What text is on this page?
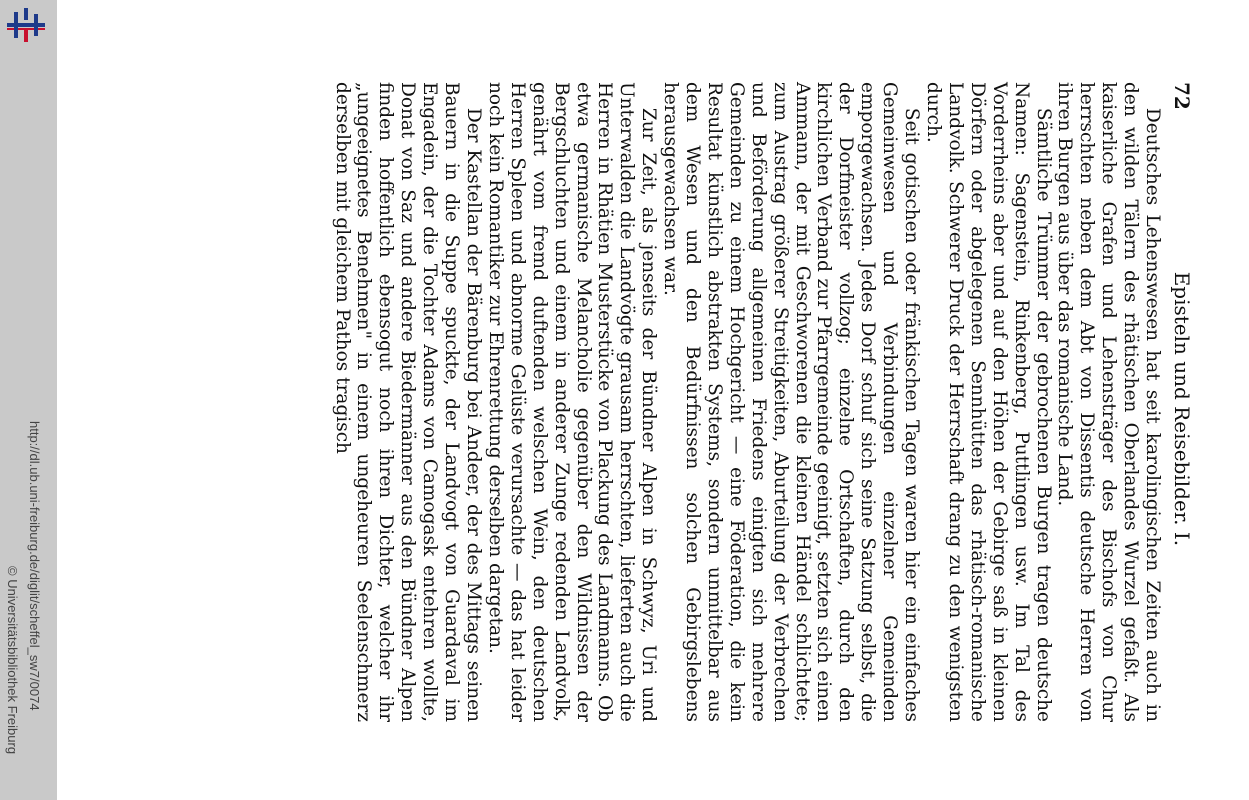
http://dl.ub.uni-freiburg.de/diglit/scheffel_sw7/0074
© Universitätsbibliothek Freiburg
72
Episteln und Reisebilder. I.

Deutsches Lehenswesen hat seit karolingischen Zeiten auch in den wilden Tälern des rhätischen Oberlandes Wurzel gefaßt. Als kaiserliche Grafen und Lehensträger des Bischofs von Chur herrschten neben dem Abt von Dissentis deutsche Herren von ihren Burgen aus über das romanische Land.

Sämtliche Trümmer der gebrochenen Burgen tragen deutsche Namen: Sagenstein, Rinkenberg, Puttlingen usw. Im Tal des Vorderrheins aber und auf den Höhen der Gebirge saß in kleinen Dörfern oder abgelegenen Sennhütten das rhätisch-romanische Landvolk. Schwerer Druck der Herrschaft drang zu den wenigsten durch.

Seit gotischen oder fränkischen Tagen waren hier ein einfaches Gemeinwesen und Verbindungen einzelner Gemeinden emporgewachsen. Jedes Dorf schuf sich seine Satzung selbst, die der Dorfmeister vollzog; einzelne Ortschaften, durch den kirchlichen Verband zur Pfarrgemeinde geeinigt, setzten sich einen Ammann, der mit Geschworenen die kleinen Händel schlichtete; zum Austrag größerer Streitigkeiten, Aburteilung der Verbrechen und Beförderung allgemeinen Friedens einigten sich mehrere Gemeinden zu einem Hochgericht — eine Föderation, die kein Resultat künstlich abstrakten Systems, sondern unmittelbar aus dem Wesen und den Bedürfnissen solchen Gebirgslebens herausgewachsen war.

Zur Zeit, als jenseits der Bündner Alpen in Schwyz, Uri und Unterwalden die Landvögte grausam herrschten, lieferten auch die Herren in Rhätien Musterstücke von Plackung des Landmanns. Ob etwa germanische Melancholie gegenüber den Wildnissen der Bergschluchten und einem in anderer Zunge redenden Landvolk, genährt vom fremd duftenden welschen Wein, den deutschen Herren Spleen und abnorme Gelüste verursachte — das hat leider noch kein Romantiker zur Ehrenrettung derselben dargetan.

Der Kastellan der Bärenburg bei Andeer, der des Mittags seinen Bauern in die Suppe spuckte, der Landvogt von Guardaval im Engadein, der die Tochter Adams von Camogask entehren wollte, Donat von Saz und andere Biedermänner aus den Bündner Alpen finden hoffentlich ebensogut noch ihren Dichter, welcher ihr „ungeeignetes Benehmen" in einem ungeheuren Seelenschmerz derselben mit gleichem Pathos tragisch
